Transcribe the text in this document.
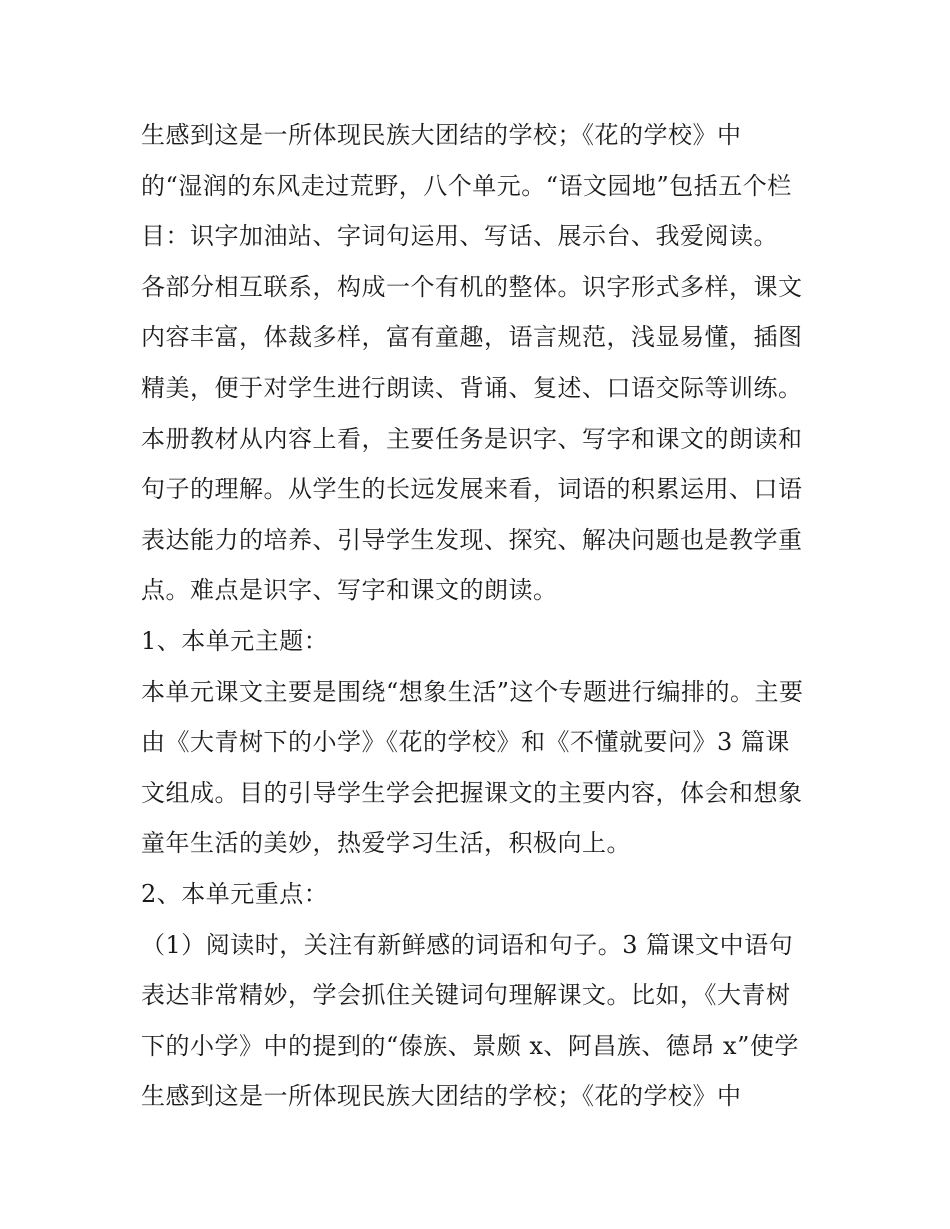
生感到这是一所体现民族大团结的学校；《花的学校》中
的“湿润的东风走过荒野，八个单元。“语文园地”包括五个栏
目：识字加油站、字词句运用、写话、展示台、我爱阅读。
各部分相互联系，构成一个有机的整体。识字形式多样，课文
内容丰富，体裁多样，富有童趣，语言规范，浅显易懂，插图
精美，便于对学生进行朗读、背诵、复述、口语交际等训练。
本册教材从内容上看，主要任务是识字、写字和课文的朗读和
句子的理解。从学生的长远发展来看，词语的积累运用、口语
表达能力的培养、引导学生发现、探究、解决问题也是教学重
点。难点是识字、写字和课文的朗读。
1、本单元主题：
本单元课文主要是围绕“想象生活”这个专题进行编排的。主要
由《大青树下的小学》《花的学校》和《不懂就要问》3 篇课
文组成。目的引导学生学会把握课文的主要内容，体会和想象
童年生活的美妙，热爱学习生活，积极向上。
2、本单元重点：
（1）阅读时，关注有新鲜感的词语和句子。3 篇课文中语句
表达非常精妙，学会抓住关键词句理解课文。比如，《大青树
下的小学》中的提到的“傣族、景颇 x、阿昌族、德昂 x”使学
生感到这是一所体现民族大团结的学校；《花的学校》中
